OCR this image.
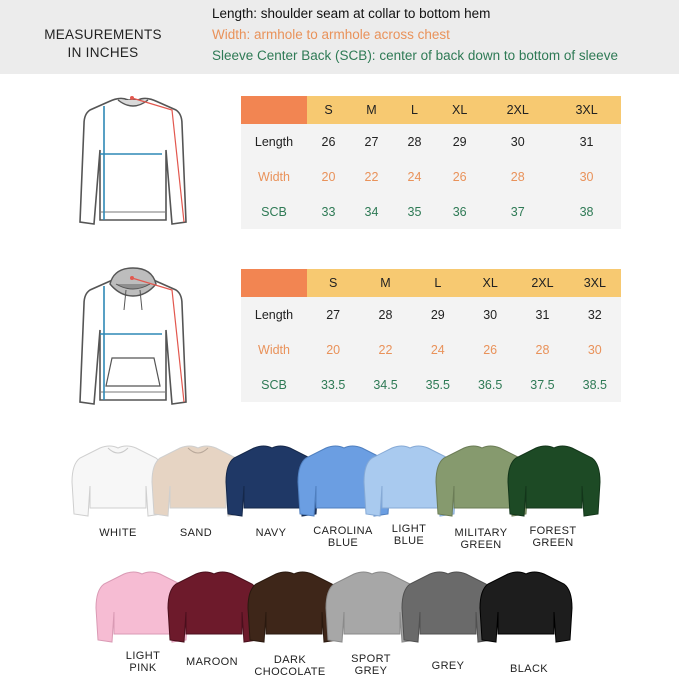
MEASUREMENTS
IN INCHES
Length: shoulder seam at collar to bottom hem
Width: armhole to armhole across chest
Sleeve Center Back (SCB): center of back down to bottom of sleeve
	S	M	L	XL	2XL	3XL
Length	26	27	28	29	30	31
Width	20	22	24	26	28	30
SCB	33	34	35	36	37	38
	S	M	L	XL	2XL	3XL
Length	27	28	29	30	31	32
Width	20	22	24	26	28	30
SCB	33.5	34.5	35.5	36.5	37.5	38.5
WHITE	SAND	NAVY	CAROLINA
BLUE
LIGHT
BLUE
MILITARY
GREEN
FOREST
GREEN
LIGHT
PINK	MAROON	DARK
CHOCOLATE
SPORT
GREY	GREY	BLACK
